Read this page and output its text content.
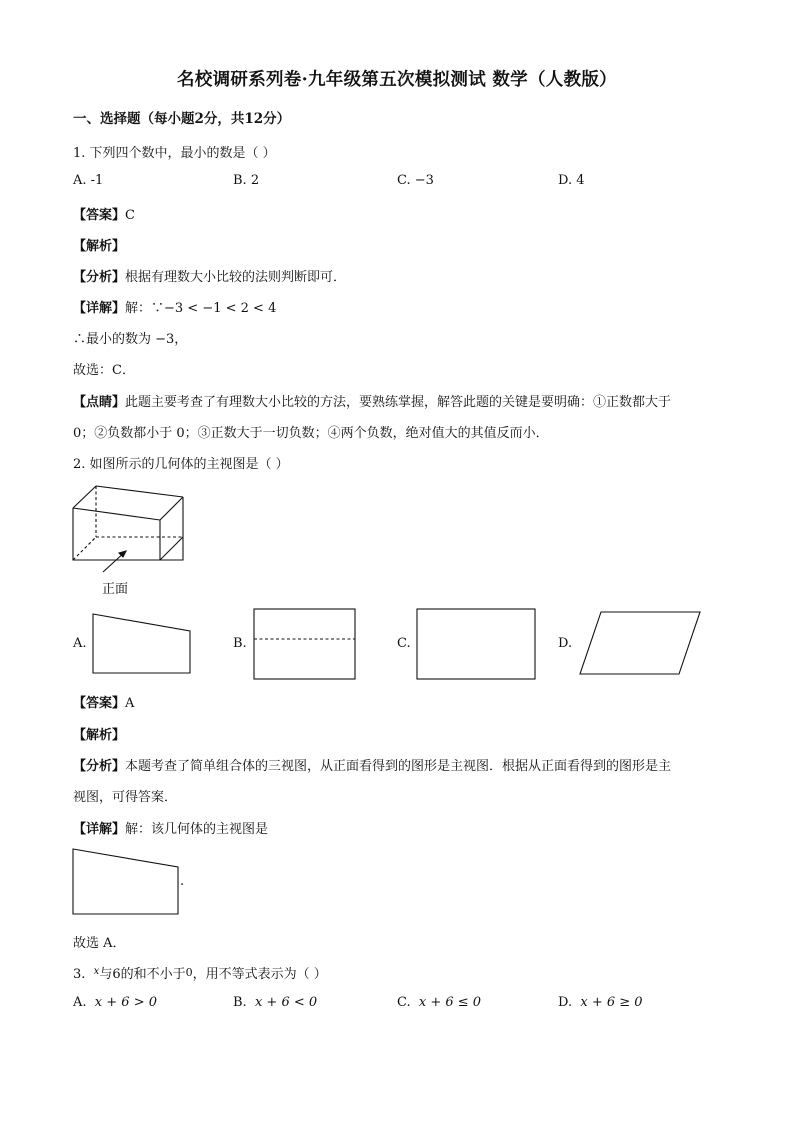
名校调研系列卷·九年级第五次模拟测试 数学（人教版）
一、选择题（每小题2分，共12分）
1. 下列四个数中，最小的数是（ ）
A. -1	B. 2	C. −3	D. 4
【答案】C
【解析】
【分析】根据有理数大小比较的法则判断即可．
【详解】解：∵−3 < −1 < 2 < 4
∴最小的数为 −3，
故选：C．
【点睛】此题主要考查了有理数大小比较的方法，要熟练掌握，解答此题的关键是要明确：①正数都大于
0；②负数都小于 0；③正数大于一切负数；④两个负数，绝对值大的其值反而小．
2. 如图所示的几何体的主视图是（ ）
正面
A.	B.	C.	D.
【答案】A
【解析】
【分析】本题考查了简单组合体的三视图，从正面看得到的图形是主视图．根据从正面看得到的图形是主
视图，可得答案．
【详解】解：该几何体的主视图是
.
故选 A．
3. $^x$与6的和不小于0，用不等式表示为（ ）
A. x + 6 > 0	B. x + 6 < 0	C. x + 6 ≤ 0	D. x + 6 ≥ 0
